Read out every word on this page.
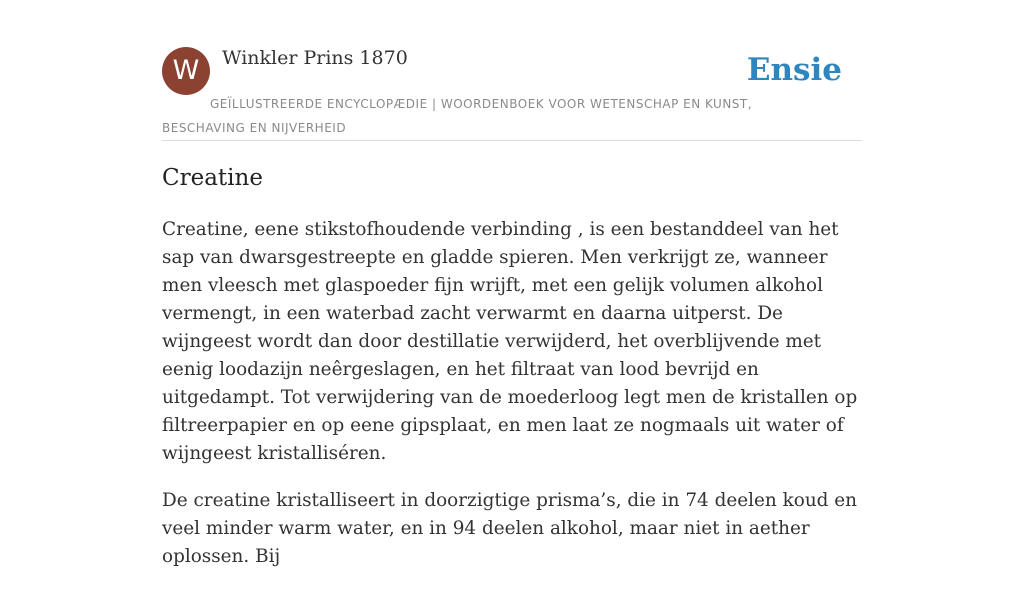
W	Winkler Prins 1870	Ensie
GEÏLLUSTREERDE ENCYCLOPÆDIE | WOORDENBOEK VOOR WETENSCHAP EN KUNST, BESCHAVING EN NIJVERHEID
Creatine

Creatine, eene stikstofhoudende verbinding , is een bestanddeel van het sap van dwarsgestreepte en gladde spieren. Men verkrijgt ze, wanneer men vleesch met glaspoeder fijn wrijft, met een gelijk volumen alkohol vermengt, in een waterbad zacht verwarmt en daarna uitperst. De wijngeest wordt dan door destillatie verwijderd, het overblijvende met eenig loodazijn neêrgeslagen, en het filtraat van lood bevrijd en uitgedampt. Tot verwijdering van de moederloog legt men de kristallen op filtreerpapier en op eene gipsplaat, en men laat ze nogmaals uit water of wijngeest kristalliséren.

De creatine kristalliseert in doorzigtige prisma’s, die in 74 deelen koud en veel minder warm water, en in 94 deelen alkohol, maar niet in aether oplossen. Bij
